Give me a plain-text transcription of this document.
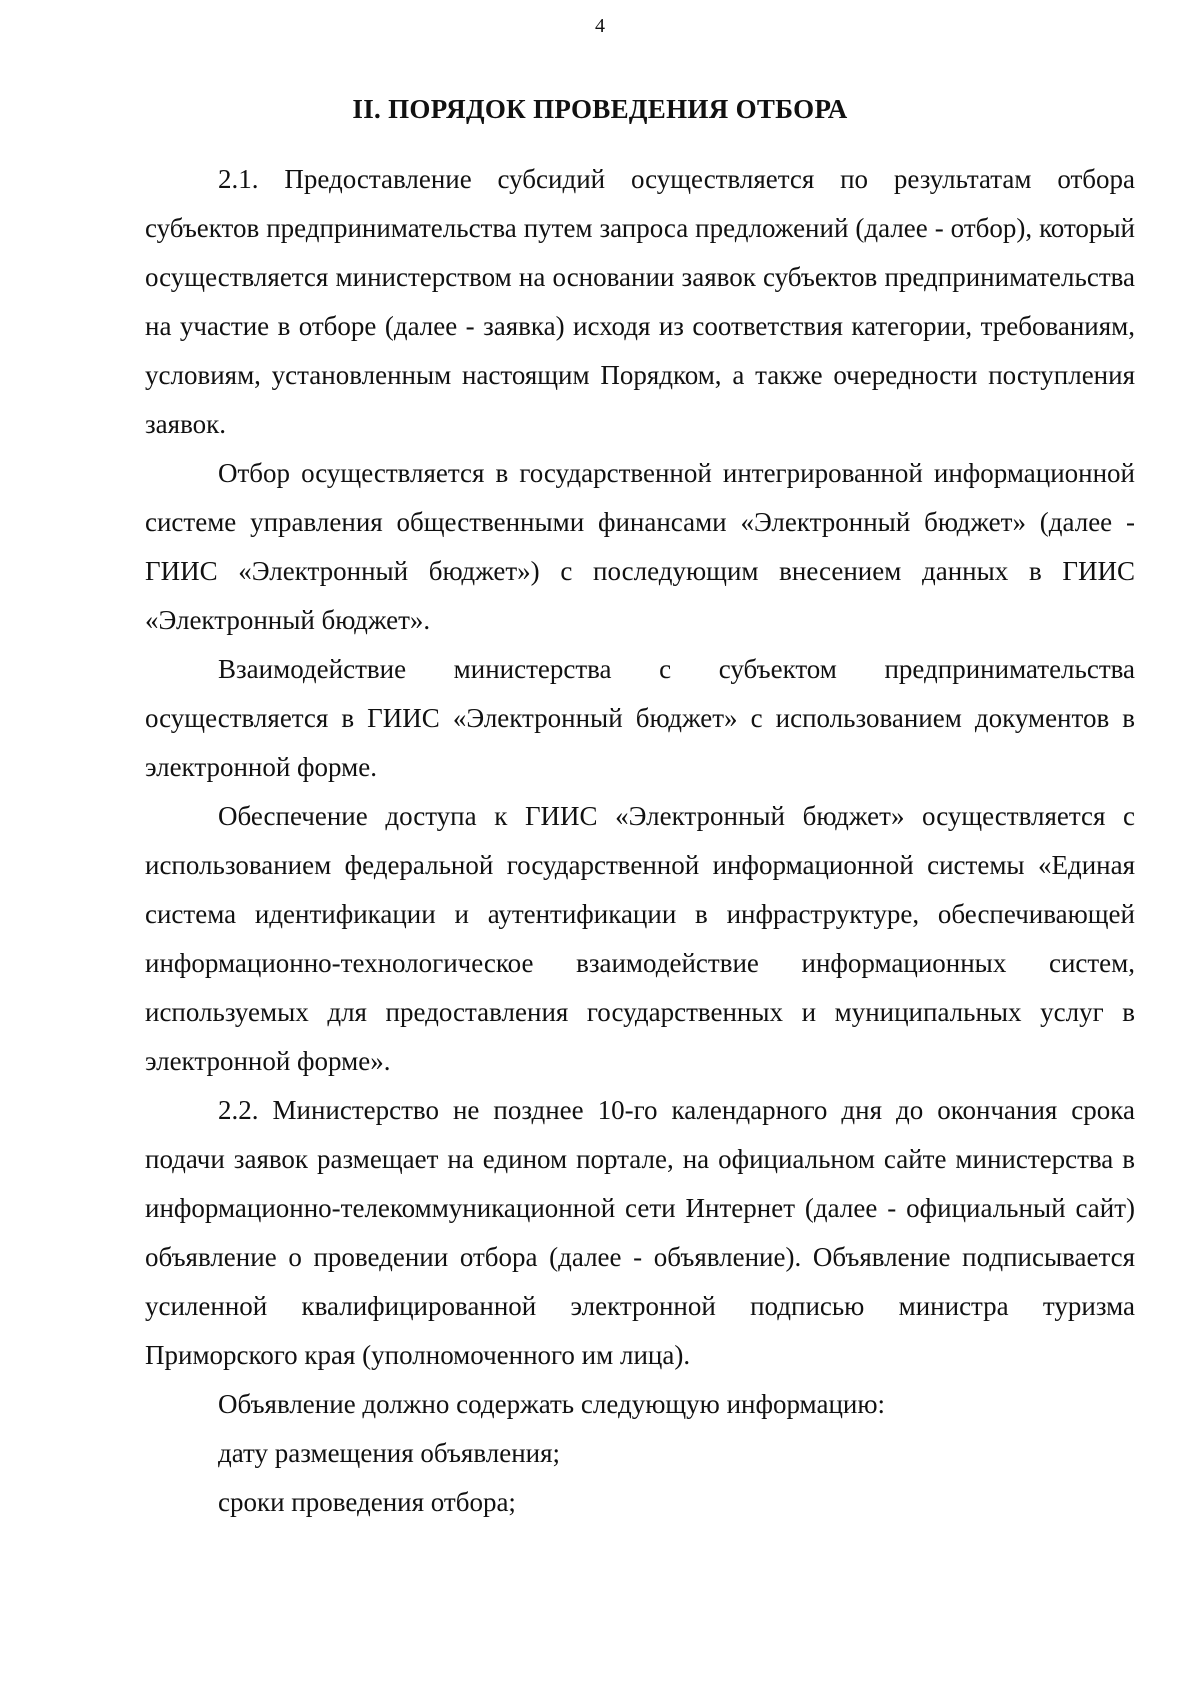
4
II. ПОРЯДОК ПРОВЕДЕНИЯ ОТБОРА

2.1. Предоставление субсидий осуществляется по результатам отбора субъектов предпринимательства путем запроса предложений (далее - отбор), который осуществляется министерством на основании заявок субъектов предпринимательства на участие в отборе (далее - заявка) исходя из соответствия категории, требованиям, условиям, установленным настоящим Порядком, а также очередности поступления заявок.

Отбор осуществляется в государственной интегрированной информационной системе управления общественными финансами «Электронный бюджет» (далее - ГИИС «Электронный бюджет») с последующим внесением данных в ГИИС «Электронный бюджет».

Взаимодействие министерства с субъектом предпринимательства осуществляется в ГИИС «Электронный бюджет» с использованием документов в электронной форме.

Обеспечение доступа к ГИИС «Электронный бюджет» осуществляется с использованием федеральной государственной информационной системы «Единая система идентификации и аутентификации в инфраструктуре, обеспечивающей информационно-технологическое взаимодействие информационных систем, используемых для предоставления государственных и муниципальных услуг в электронной форме».

2.2. Министерство не позднее 10-го календарного дня до окончания срока подачи заявок размещает на едином портале, на официальном сайте министерства в информационно-телекоммуникационной сети Интернет (далее - официальный сайт) объявление о проведении отбора (далее - объявление). Объявление подписывается усиленной квалифицированной электронной подписью министра туризма Приморского края (уполномоченного им лица).

Объявление должно содержать следующую информацию:

дату размещения объявления;

сроки проведения отбора;
